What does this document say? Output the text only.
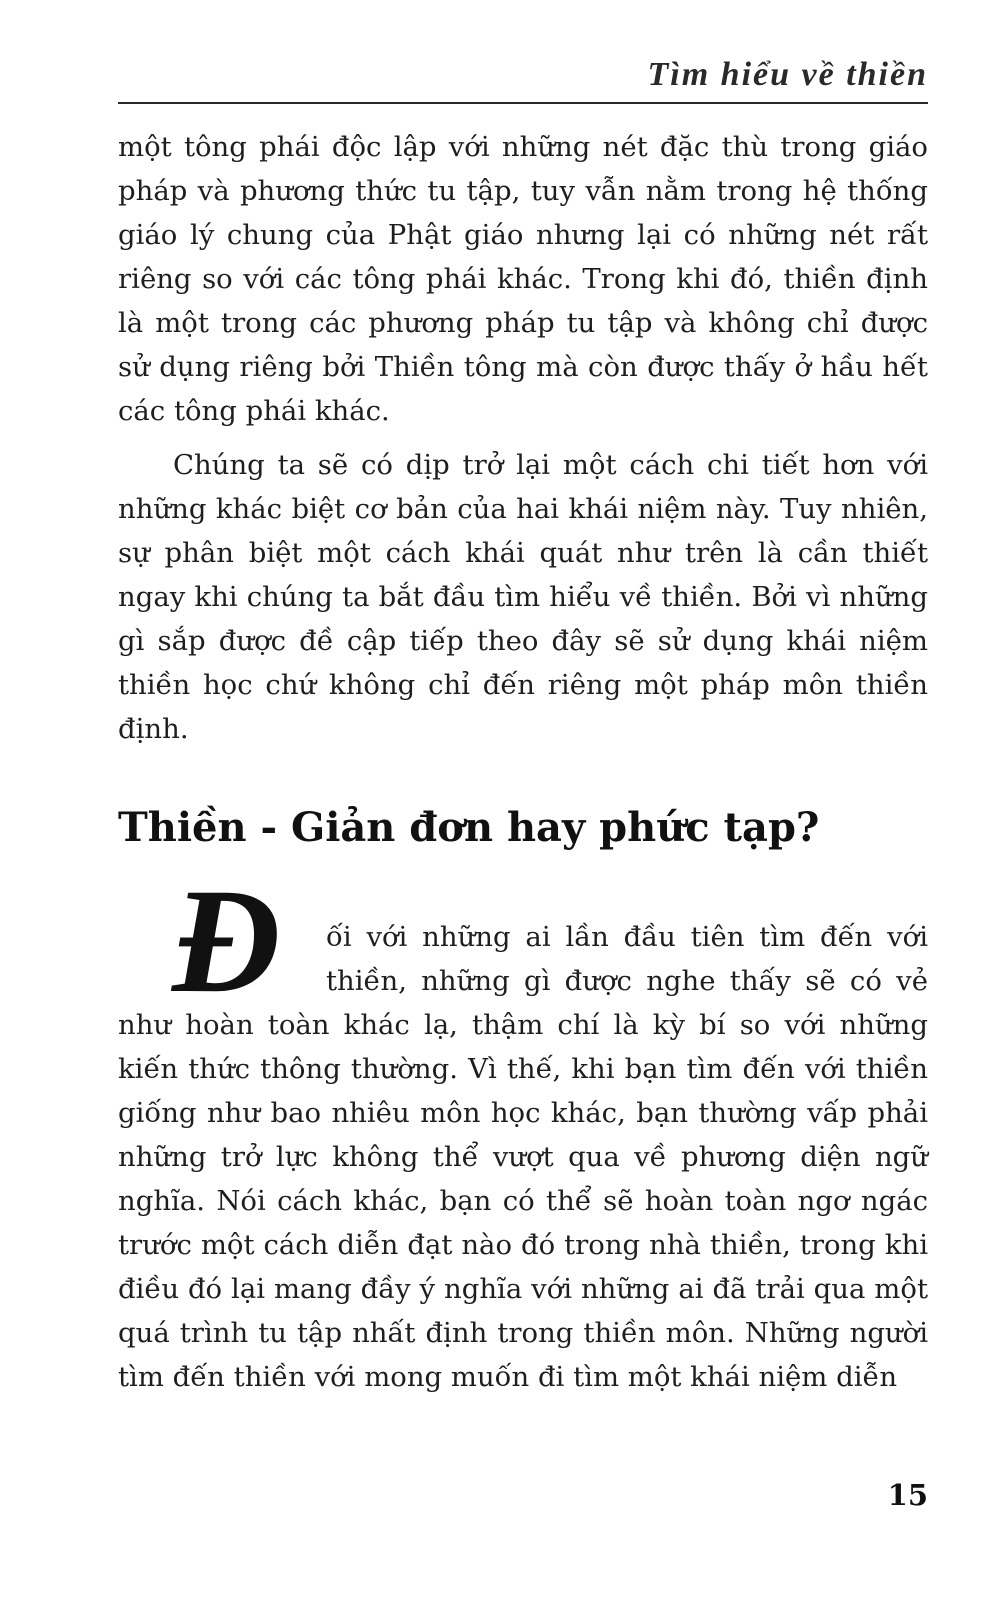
Tìm hiểu về thiền

một tông phái độc lập với những nét đặc thù trong giáo pháp và phương thức tu tập, tuy vẫn nằm trong hệ thống giáo lý chung của Phật giáo nhưng lại có những nét rất riêng so với các tông phái khác. Trong khi đó, thiền định là một trong các phương pháp tu tập và không chỉ được sử dụng riêng bởi Thiền tông mà còn được thấy ở hầu hết các tông phái khác.

Chúng ta sẽ có dịp trở lại một cách chi tiết hơn với những khác biệt cơ bản của hai khái niệm này. Tuy nhiên, sự phân biệt một cách khái quát như trên là cần thiết ngay khi chúng ta bắt đầu tìm hiểu về thiền. Bởi vì những gì sắp được đề cập tiếp theo đây sẽ sử dụng khái niệm thiền học chứ không chỉ đến riêng một pháp môn thiền định.

Thiền - Giản đơn hay phức tạp?

Đ ối với những ai lần đầu tiên tìm đến với thiền, những gì được nghe thấy sẽ có vẻ như hoàn toàn khác lạ, thậm chí là kỳ bí so với những kiến thức thông thường. Vì thế, khi bạn tìm đến với thiền giống như bao nhiêu môn học khác, bạn thường vấp phải những trở lực không thể vượt qua về phương diện ngữ nghĩa. Nói cách khác, bạn có thể sẽ hoàn toàn ngơ ngác trước một cách diễn đạt nào đó trong nhà thiền, trong khi điều đó lại mang đầy ý nghĩa với những ai đã trải qua một quá trình tu tập nhất định trong thiền môn. Những người tìm đến thiền với mong muốn đi tìm một khái niệm diễn

15
